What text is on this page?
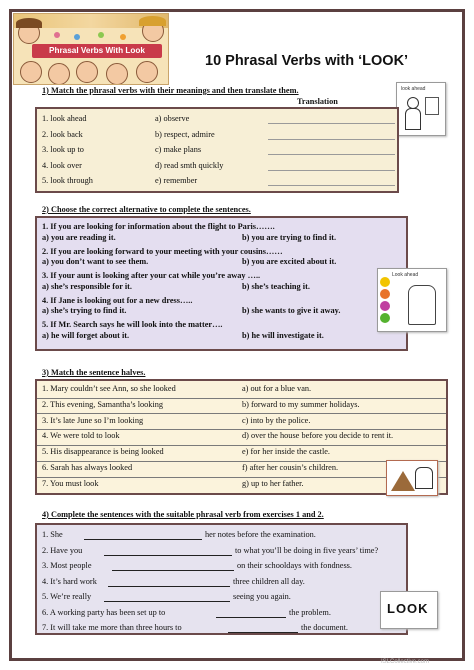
Phrasal Verbs With Look
10 Phrasal Verbs with ‘LOOK’
1) Match the phrasal verbs with their meanings and then translate them.
Translation
look ahead
1. look ahead	a) observe
2. look back	b) respect, admire
3. look up to	c) make plans
4. look over	d) read smth quickly
5. look through	e) remember
2) Choose the correct alternative to complete the sentences.
1. If you are looking for information about the flight to Paris…….
a) you are reading it.	b) you are trying to find it.
2. If you are looking forward to your meeting with your cousins……
a) you don’t want to see them.	b) you are excited about it.
3. If your aunt is looking after your cat while you’re away …..
a) she’s responsible for it.	b) she’s teaching it.
4. If Jane is looking out for a new dress…..
a) she’s trying to find it.	b) she wants to give it away.
5. If Mr. Search says he will look into the matter….
a) he will forget about it.	b) he will investigate it.
Look ahead
3) Match the sentence halves.
1. Mary couldn’t see Ann, so she looked	a) out for a blue van.
2. This evening, Samantha’s looking	b) forward to my summer holidays.
3. It’s late June so I’m looking	c) into by the police.
4. We were told to look	d) over the house before you decide to rent it.
5. His disappearance is being looked	e) for her inside the castle.
6. Sarah has always looked	f) after her cousin’s children.
7. You must look	g) up to her father.
4) Complete the sentences with the suitable phrasal verb from exercises 1 and 2.
1. She	her notes before the examination.
2. Have you	to what you’ll be doing in five years’ time?
3. Most people	on their schooldays with fondness.
4. It’s hard work	three children all day.
5. We’re really	seeing you again.
6. A working party has been set up to	the problem.
7. It will take me more than three hours to	the document.
LOOK
ISLCollective.com
